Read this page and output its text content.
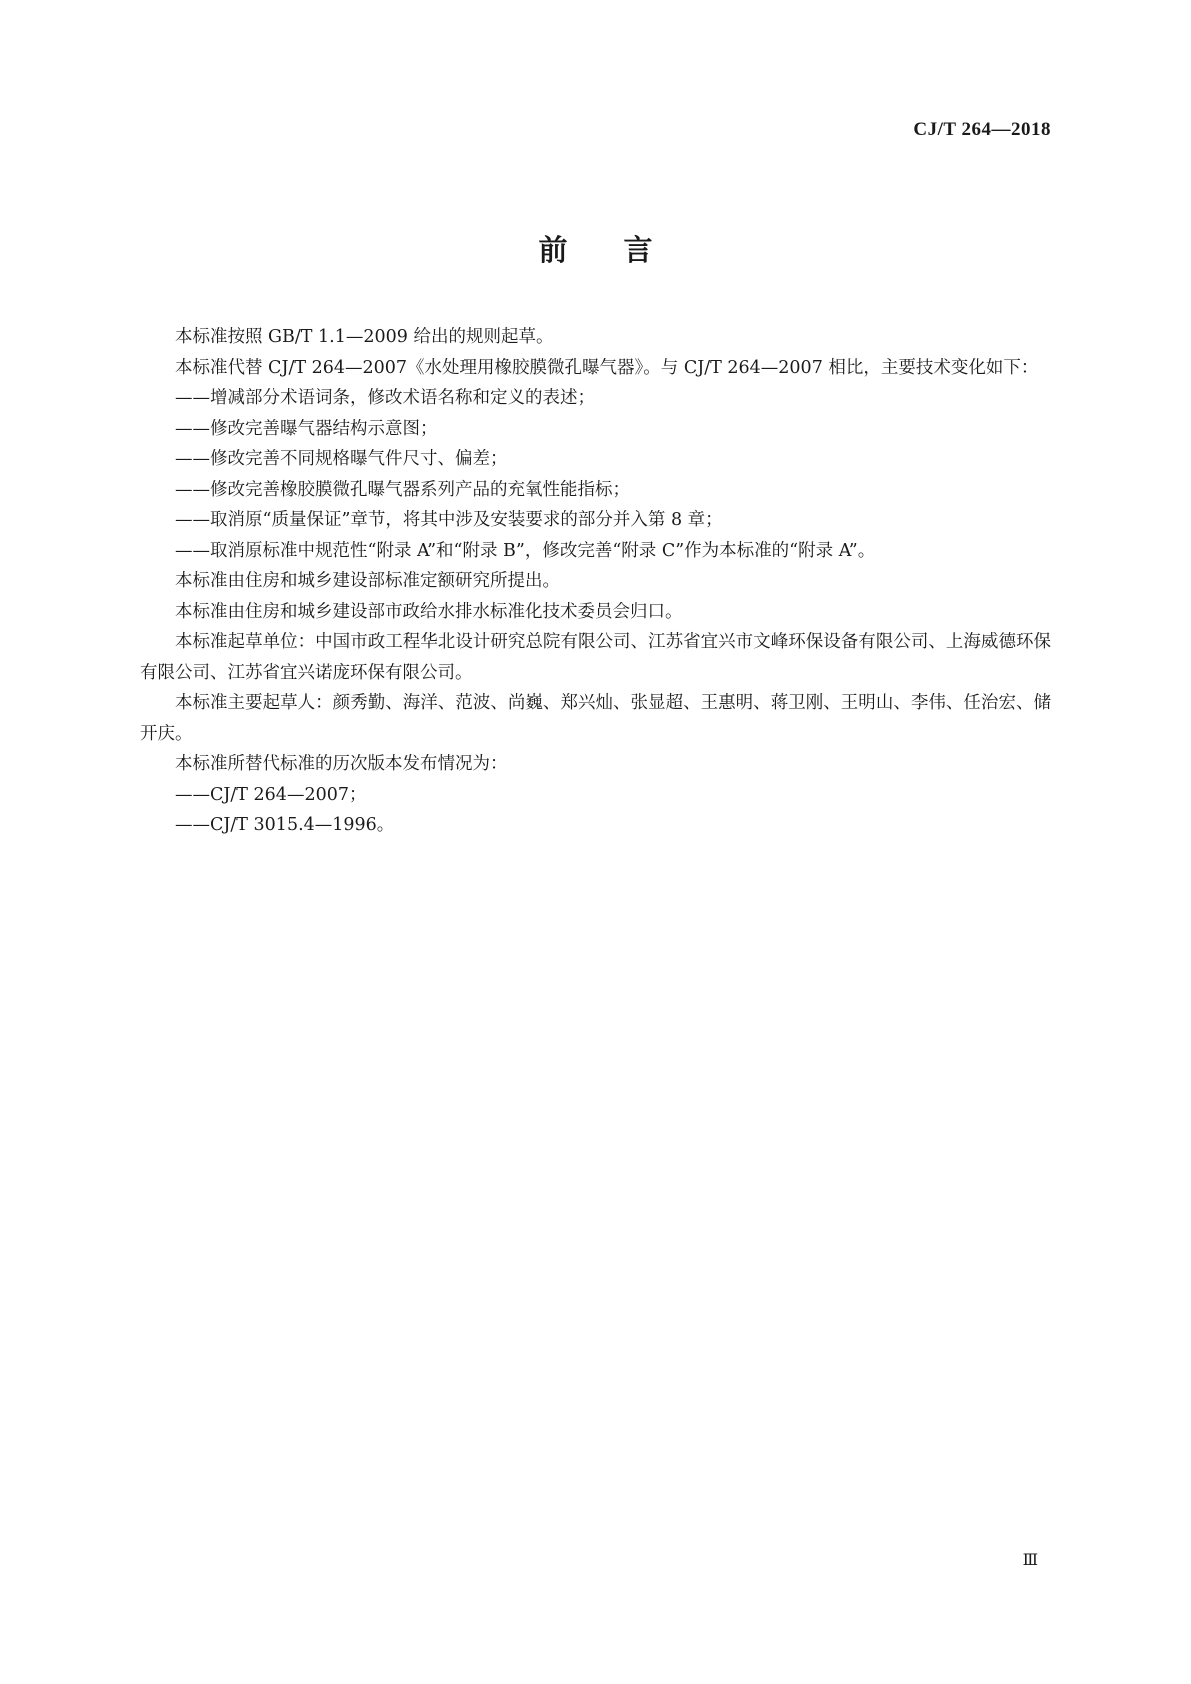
CJ/T 264—2018
前 言

本标准按照 GB/T 1.1—2009 给出的规则起草。

本标准代替 CJ/T 264—2007《水处理用橡胶膜微孔曝气器》。与 CJ/T 264—2007 相比，主要技术变化如下：

——增减部分术语词条，修改术语名称和定义的表述；

——修改完善曝气器结构示意图；

——修改完善不同规格曝气件尺寸、偏差；

——修改完善橡胶膜微孔曝气器系列产品的充氧性能指标；

——取消原“质量保证”章节，将其中涉及安装要求的部分并入第 8 章；

——取消原标准中规范性“附录 A”和“附录 B”，修改完善“附录 C”作为本标准的“附录 A”。

本标准由住房和城乡建设部标准定额研究所提出。

本标准由住房和城乡建设部市政给水排水标准化技术委员会归口。

本标准起草单位：中国市政工程华北设计研究总院有限公司、江苏省宜兴市文峰环保设备有限公司、上海威德环保有限公司、江苏省宜兴诺庞环保有限公司。

本标准主要起草人：颜秀勤、海洋、范波、尚巍、郑兴灿、张显超、王惠明、蒋卫刚、王明山、李伟、任治宏、储开庆。

本标准所替代标准的历次版本发布情况为：

——CJ/T 264—2007；

——CJ/T 3015.4—1996。

Ⅲ
